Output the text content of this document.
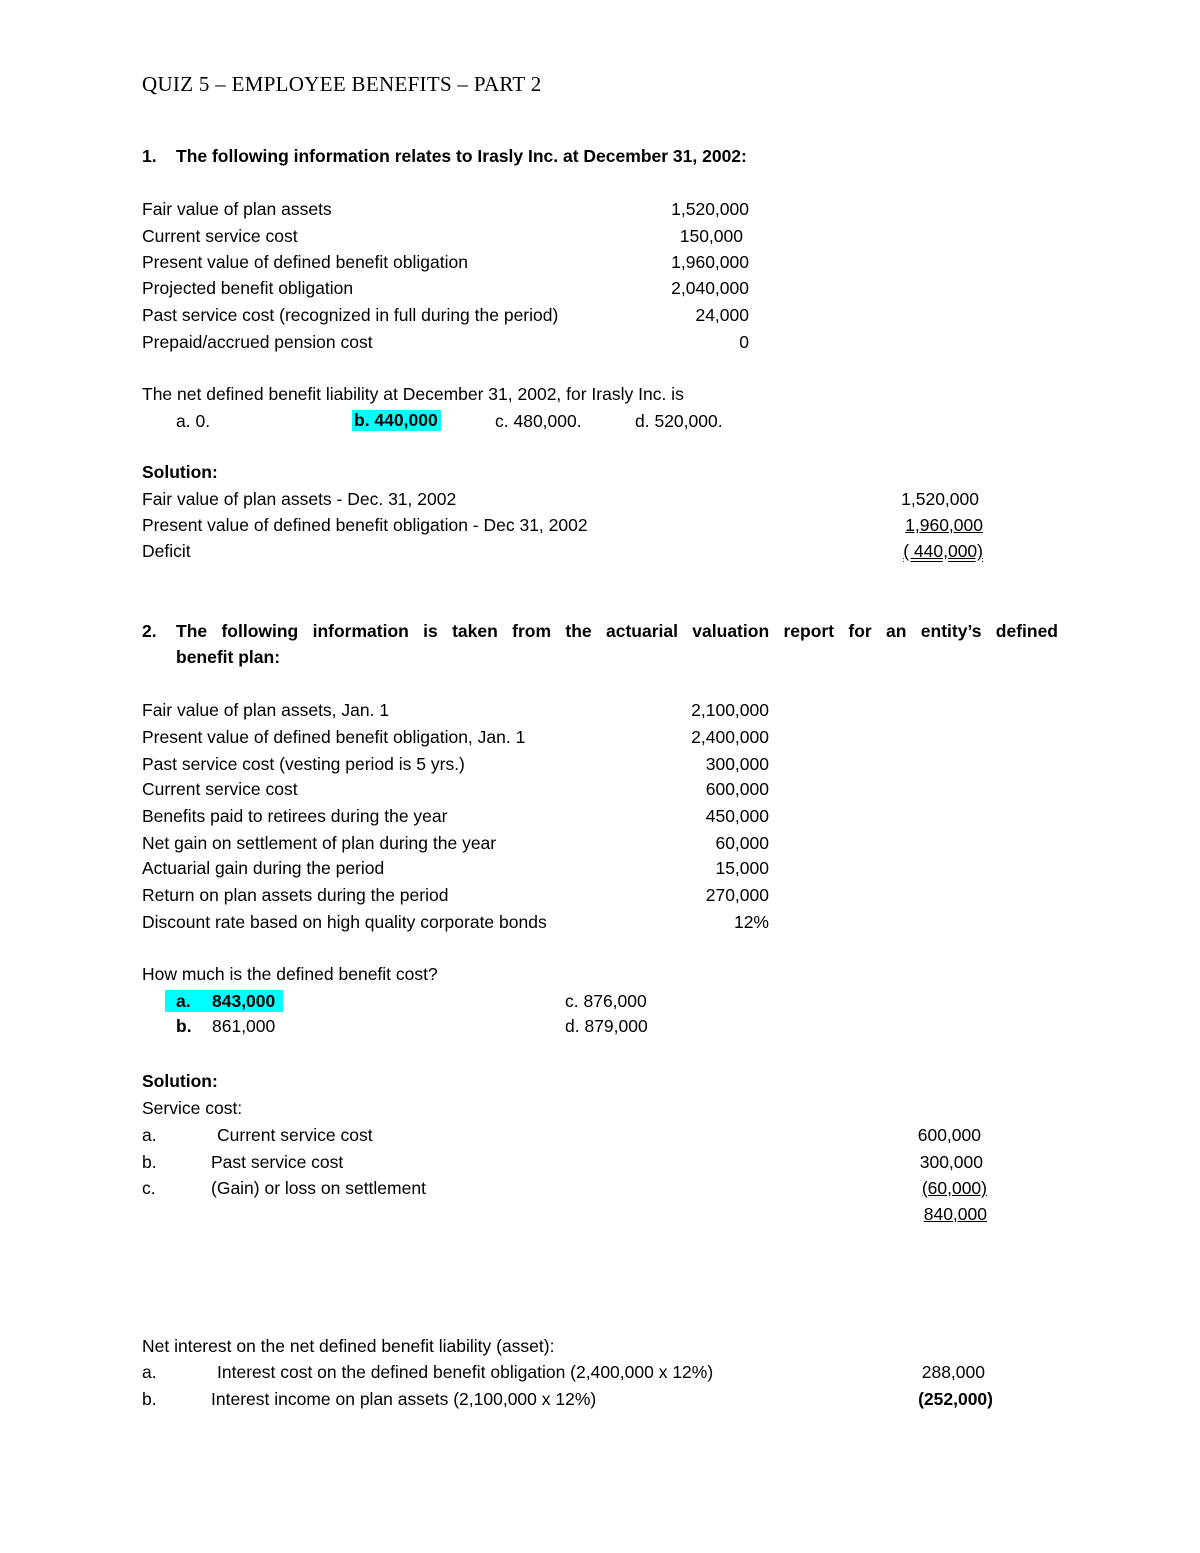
QUIZ 5 – EMPLOYEE BENEFITS – PART 2
1. The following information relates to Irasly Inc. at December 31, 2002:
Fair value of plan assets	1,520,000
Current service cost	150,000
Present value of defined benefit obligation	1,960,000
Projected benefit obligation	2,040,000
Past service cost (recognized in full during the period)	24,000
Prepaid/accrued pension cost	0
The net defined benefit liability at December 31, 2002, for Irasly Inc. is
a. 0.	b. 440,000	c. 480,000.	d. 520,000.
Solution:
Fair value of plan assets - Dec. 31, 2002	1,520,000
Present value of defined benefit obligation - Dec 31, 2002	1,960,000
Deficit	( 440,000)
2. The following information is taken from the actuarial valuation report for an entity’s defined
benefit plan:
Fair value of plan assets, Jan. 1	2,100,000
Present value of defined benefit obligation, Jan. 1	2,400,000
Past service cost (vesting period is 5 yrs.)	300,000
Current service cost	600,000
Benefits paid to retirees during the year	450,000
Net gain on settlement of plan during the year	60,000
Actuarial gain during the period	15,000
Return on plan assets during the period	270,000
Discount rate based on high quality corporate bonds	12%
How much is the defined benefit cost?
a. 843,000	c. 876,000
b. 861,000	d. 879,000
Solution:
Service cost:
a.	Current service cost	600,000
b.	Past service cost	300,000
c.	(Gain) or loss on settlement	(60,000)
840,000
Net interest on the net defined benefit liability (asset):
a.	Interest cost on the defined benefit obligation (2,400,000 x 12%)	288,000
b.	Interest income on plan assets (2,100,000 x 12%)	(252,000)
